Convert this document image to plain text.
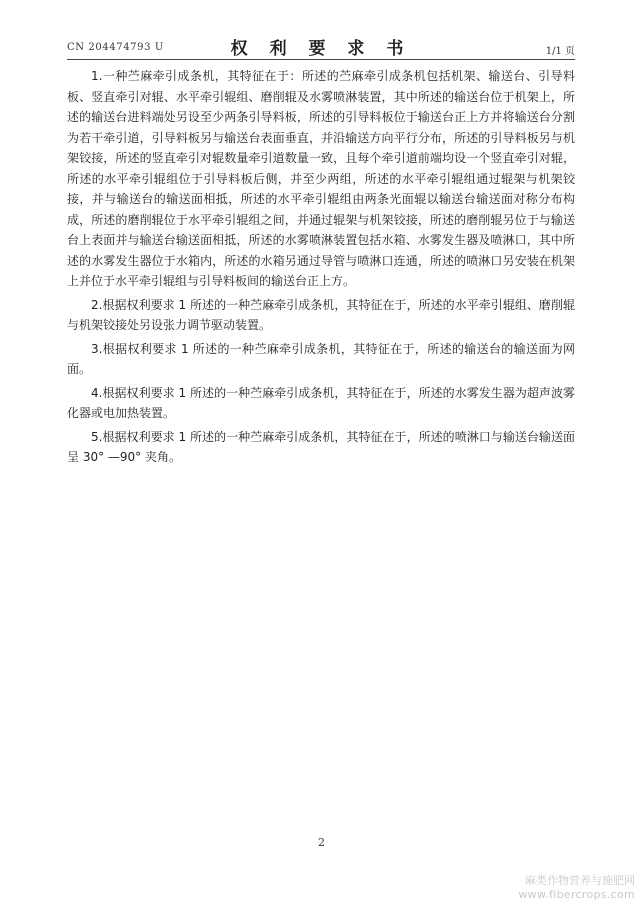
CN 204474793 U	权 利 要 求 书	1/1 页

1.一种苎麻牵引成条机，其特征在于：所述的苎麻牵引成条机包括机架、输送台、引导料板、竖直牵引对辊、水平牵引辊组、磨削辊及水雾喷淋装置，其中所述的输送台位于机架上，所述的输送台进料端处另设至少两条引导料板，所述的引导料板位于输送台正上方并将输送台分割为若干牵引道，引导料板另与输送台表面垂直，并沿输送方向平行分布，所述的引导料板另与机架铰接，所述的竖直牵引对辊数量牵引道数量一致，且每个牵引道前端均设一个竖直牵引对辊，所述的水平牵引辊组位于引导料板后侧，并至少两组，所述的水平牵引辊组通过辊架与机架铰接，并与输送台的输送面相抵，所述的水平牵引辊组由两条光面辊以输送台输送面对称分布构成，所述的磨削辊位于水平牵引辊组之间，并通过辊架与机架铰接，所述的磨削辊另位于与输送台上表面并与输送台输送面相抵，所述的水雾喷淋装置包括水箱、水雾发生器及喷淋口，其中所述的水雾发生器位于水箱内，所述的水箱另通过导管与喷淋口连通，所述的喷淋口另安装在机架上并位于水平牵引辊组与引导料板间的输送台正上方。

2.根据权利要求 1 所述的一种苎麻牵引成条机，其特征在于，所述的水平牵引辊组、磨削辊与机架铰接处另设张力调节驱动装置。

3.根据权利要求 1 所述的一种苎麻牵引成条机，其特征在于，所述的输送台的输送面为网面。

4.根据权利要求 1 所述的一种苎麻牵引成条机，其特征在于，所述的水雾发生器为超声波雾化器或电加热装置。

5.根据权利要求 1 所述的一种苎麻牵引成条机，其特征在于，所述的喷淋口与输送台输送面呈 30° —90° 夹角。

2
麻类作物营养与施肥网
www.fibercrops.com
